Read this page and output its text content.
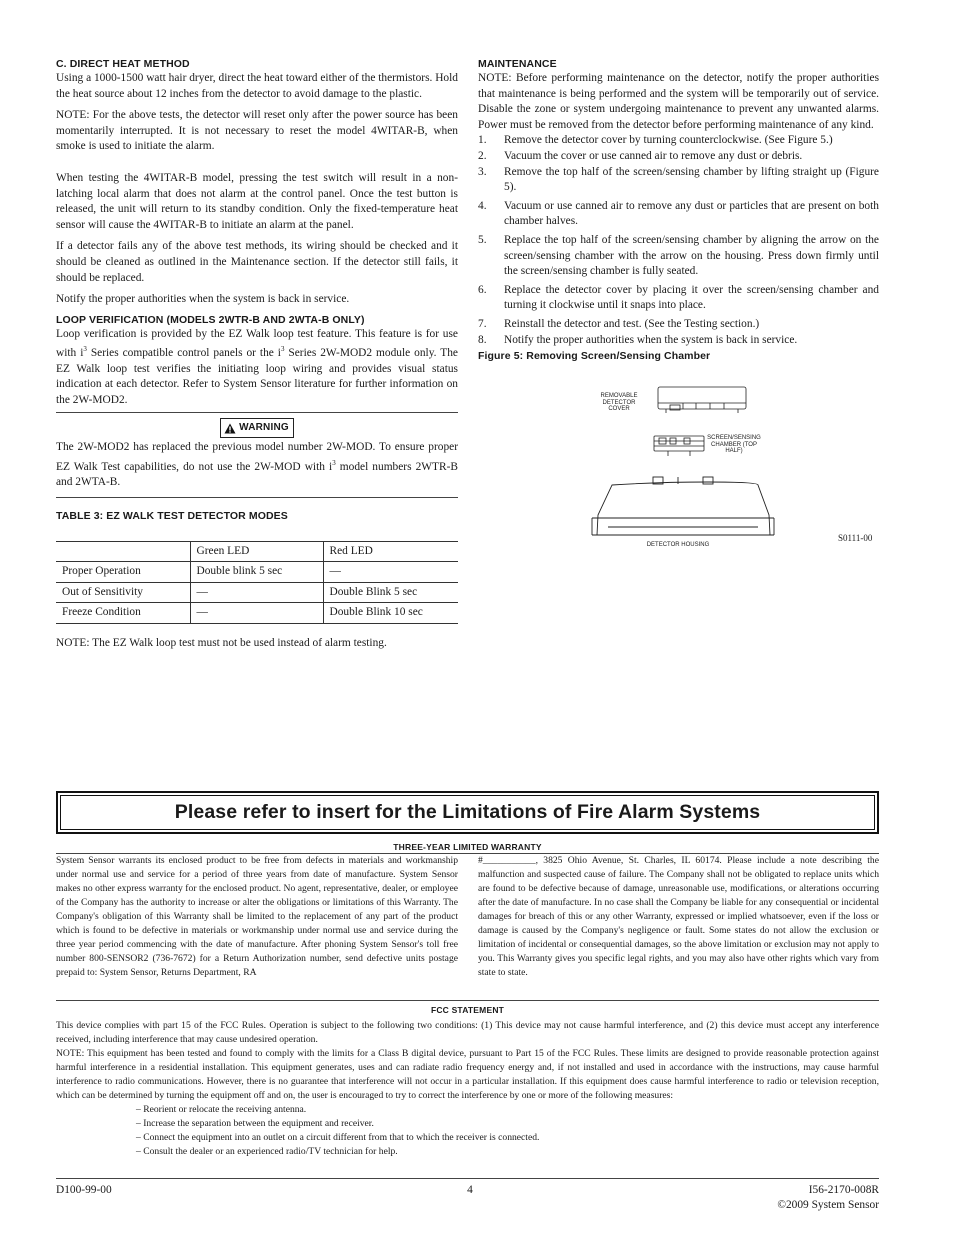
C. DIRECT HEAT METHOD

Using a 1000-1500 watt hair dryer, direct the heat toward either of the thermistors. Hold the heat source about 12 inches from the detector to avoid damage to the plastic.

NOTE: For the above tests, the detector will reset only after the power source has been momentarily interrupted. It is not necessary to reset the model 4WITAR-B, when smoke is used to initiate the alarm.

When testing the 4WITAR-B model, pressing the test switch will result in a non-latching local alarm that does not alarm at the control panel. Once the test button is released, the unit will return to its standby condition. Only the fixed-temperature heat sensor will cause the 4WITAR-B to initiate an alarm at the panel.

If a detector fails any of the above test methods, its wiring should be checked and it should be cleaned as outlined in the Maintenance section. If the detector still fails, it should be replaced.

Notify the proper authorities when the system is back in service.

LOOP VERIFICATION (MODELS 2WTR-B AND 2WTA-B ONLY)

Loop verification is provided by the EZ Walk loop test feature. This feature is for use with $i^3$ Series compatible control panels or the $i^3$ Series 2W-MOD2 module only. The EZ Walk loop test verifies the initiating loop wiring and provides visual status indication at each detector. Refer to System Sensor literature for further information on the 2W-MOD2.

WARNING

The 2W-MOD2 has replaced the previous model number 2W-MOD. To ensure proper EZ Walk Test capabilities, do not use the 2W-MOD with $i^3$ model numbers 2WTR-B and 2WTA-B.

TABLE 3: EZ WALK TEST DETECTOR MODES
	Green LED	Red LED
Proper Operation	Double blink 5 sec	—
Out of Sensitivity	—	Double Blink 5 sec
Freeze Condition	—	Double Blink 10 sec

NOTE: The EZ Walk loop test must not be used instead of alarm testing.

MAINTENANCE

NOTE: Before performing maintenance on the detector, notify the proper authorities that maintenance is being performed and the system will be temporarily out of service. Disable the zone or system undergoing maintenance to prevent any unwanted alarms. Power must be removed from the detector before performing maintenance of any kind.

1.	Remove the detector cover by turning counterclockwise. (See Figure 5.)
2.	Vacuum the cover or use canned air to remove any dust or debris.
3.	Remove the top half of the screen/sensing chamber by lifting straight up (Figure 5).
4.	Vacuum or use canned air to remove any dust or particles that are present on both chamber halves.
5.	Replace the top half of the screen/sensing chamber by aligning the arrow on the screen/sensing chamber with the arrow on the housing. Press down firmly until the screen/sensing chamber is fully seated.
6.	Replace the detector cover by placing it over the screen/sensing chamber and turning it clockwise until it snaps into place.
7.	Reinstall the detector and test. (See the Testing section.)
8.	Notify the proper authorities when the system is back in service.
Figure 5: Removing Screen/Sensing Chamber
REMOVABLE DETECTOR COVER
SCREEN/SENSING CHAMBER (TOP HALF)
DETECTOR HOUSING
S0111-00
Please refer to insert for the Limitations of Fire Alarm Systems
THREE-YEAR LIMITED WARRANTY
System Sensor warrants its enclosed product to be free from defects in materials and workmanship under normal use and service for a period of three years from date of manufacture. System Sensor makes no other express warranty for the enclosed product. No agent, representative, dealer, or employee of the Company has the authority to increase or alter the obligations or limitations of this Warranty. The Company's obligation of this Warranty shall be limited to the replacement of any part of the product which is found to be defective in materials or workmanship under normal use and service during the three year period commencing with the date of manufacture. After phoning System Sensor's toll free number 800-SENSOR2 (736-7672) for a Return Authorization number, send defective units postage prepaid to: System Sensor, Returns Department, RA
#___________, 3825 Ohio Avenue, St. Charles, IL 60174. Please include a note describing the malfunction and suspected cause of failure. The Company shall not be obligated to replace units which are found to be defective because of damage, unreasonable use, modifications, or alterations occurring after the date of manufacture. In no case shall the Company be liable for any consequential or incidental damages for breach of this or any other Warranty, expressed or implied whatsoever, even if the loss or damage is caused by the Company's negligence or fault. Some states do not allow the exclusion or limitation of incidental or consequential damages, so the above limitation or exclusion may not apply to you. This Warranty gives you specific legal rights, and you may also have other rights which vary from state to state.
FCC STATEMENT

This device complies with part 15 of the FCC Rules. Operation is subject to the following two conditions: (1) This device may not cause harmful interference, and (2) this device must accept any interference received, including interference that may cause undesired operation.

NOTE: This equipment has been tested and found to comply with the limits for a Class B digital device, pursuant to Part 15 of the FCC Rules. These limits are designed to provide reasonable protection against harmful interference in a residential installation. This equipment generates, uses and can radiate radio frequency energy and, if not installed and used in accordance with the instructions, may cause harmful interference to radio communications. However, there is no guarantee that interference will not occur in a particular installation. If this equipment does cause harmful interference to radio or television reception, which can be determined by turning the equipment off and on, the user is encouraged to try to correct the interference by one or more of the following measures:

– Reorient or relocate the receiving antenna.
– Increase the separation between the equipment and receiver.
– Connect the equipment into an outlet on a circuit different from that to which the receiver is connected.
– Consult the dealer or an experienced radio/TV technician for help.
D100-99-00	4	I56-2170-008R
©2009 System Sensor
